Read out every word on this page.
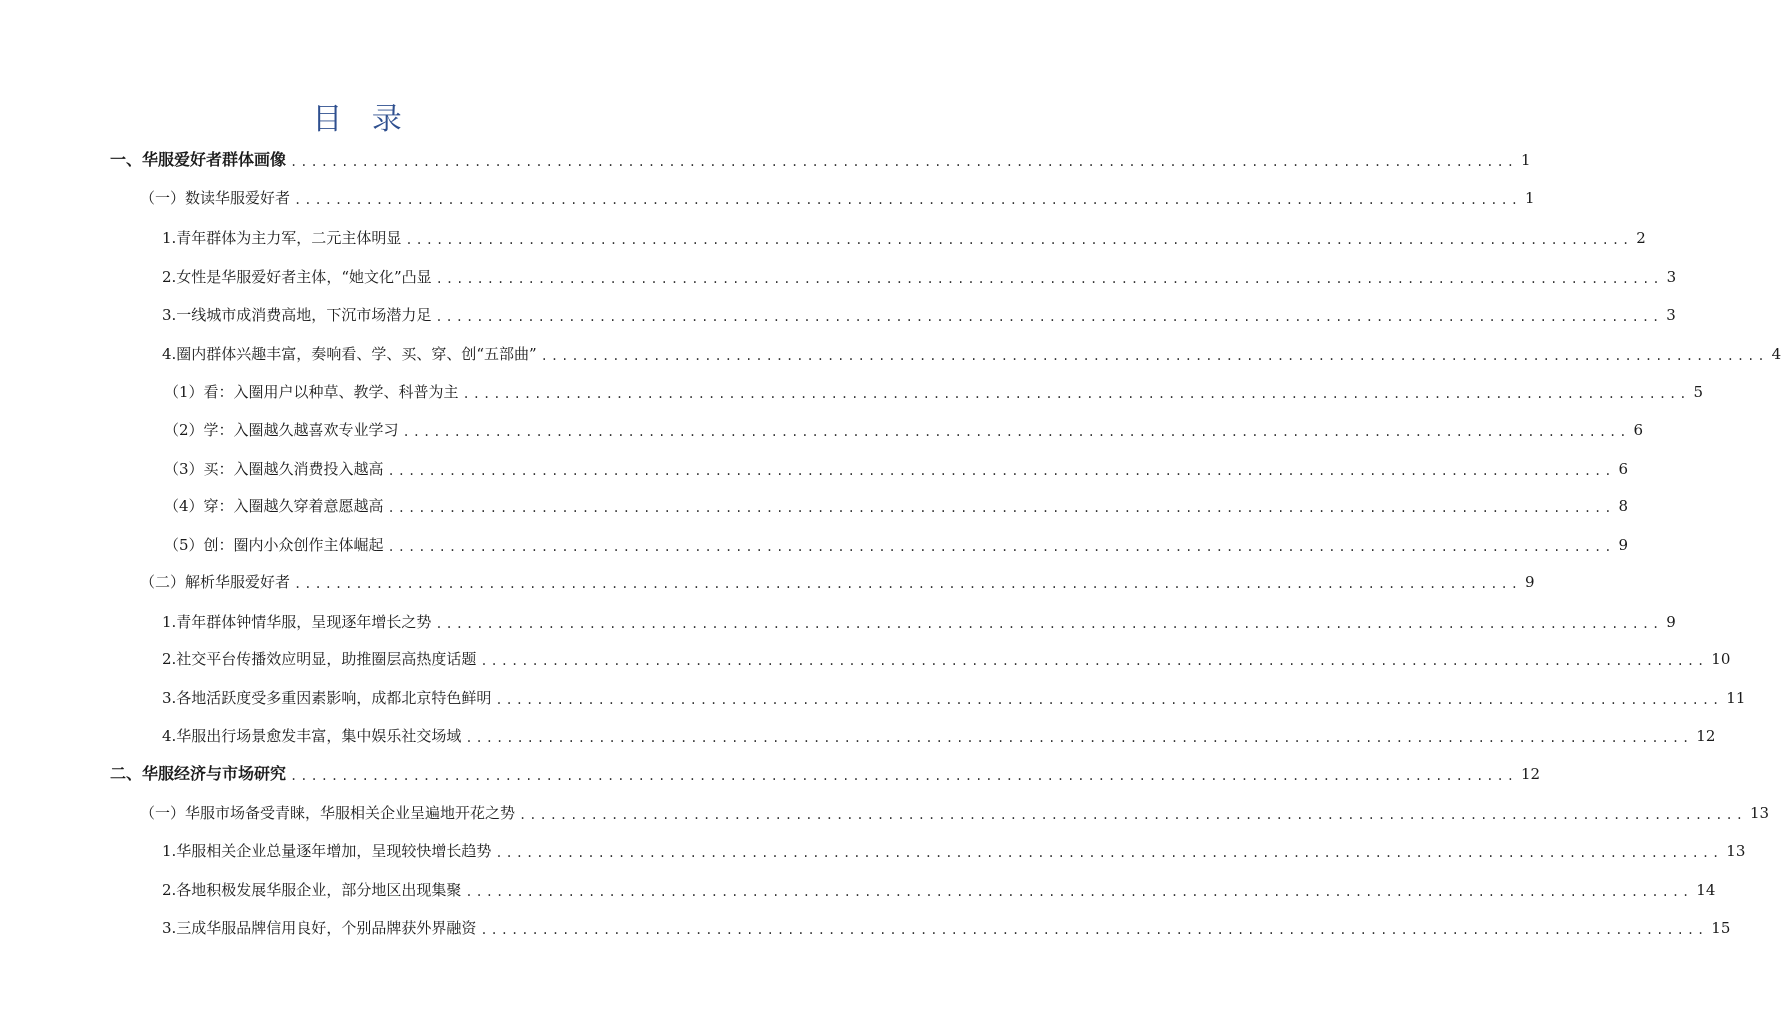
目 录
一、华服爱好者群体画像 ........................................................................................................................ 1
（一）数读华服爱好者 ........................................................................................................................ 1
1.青年群体为主力军，二元主体明显 ........................................................................................................................ 2
2.女性是华服爱好者主体，“她文化”凸显 ........................................................................................................................ 3
3.一线城市成消费高地，下沉市场潜力足 ........................................................................................................................ 3
4.圈内群体兴趣丰富，奏响看、学、买、穿、创“五部曲” ........................................................................................................................ 4
（1）看：入圈用户以种草、教学、科普为主 ........................................................................................................................ 5
（2）学：入圈越久越喜欢专业学习 ........................................................................................................................ 6
（3）买：入圈越久消费投入越高 ........................................................................................................................ 6
（4）穿：入圈越久穿着意愿越高 ........................................................................................................................ 8
（5）创：圈内小众创作主体崛起 ........................................................................................................................ 9
（二）解析华服爱好者 ........................................................................................................................ 9
1.青年群体钟情华服，呈现逐年增长之势 ........................................................................................................................ 9
2.社交平台传播效应明显，助推圈层高热度话题 ........................................................................................................................ 10
3.各地活跃度受多重因素影响，成都北京特色鲜明 ........................................................................................................................ 11
4.华服出行场景愈发丰富，集中娱乐社交场域 ........................................................................................................................ 12
二、华服经济与市场研究 ........................................................................................................................ 12
（一）华服市场备受青睐，华服相关企业呈遍地开花之势 ........................................................................................................................ 13
1.华服相关企业总量逐年增加，呈现较快增长趋势 ........................................................................................................................ 13
2.各地积极发展华服企业，部分地区出现集聚 ........................................................................................................................ 14
3.三成华服品牌信用良好，个别品牌获外界融资 ........................................................................................................................ 15
